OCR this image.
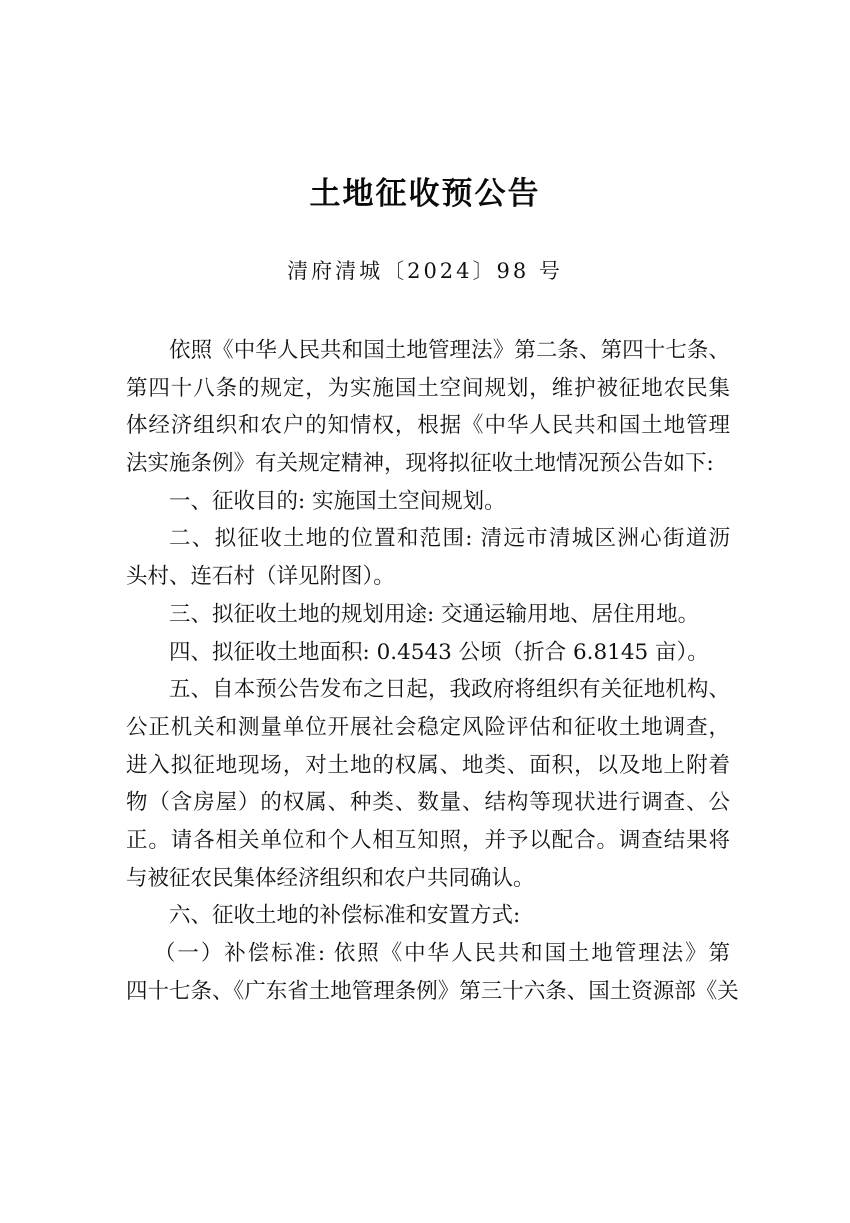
土地征收预公告
清府清城〔2024〕98 号
依照《中华人民共和国土地管理法》第二条、第四十七条、
第四十八条的规定，为实施国土空间规划，维护被征地农民集
体经济组织和农户的知情权，根据《中华人民共和国土地管理
法实施条例》有关规定精神，现将拟征收土地情况预公告如下:
一、征收目的: 实施国土空间规划。
二、拟征收土地的位置和范围: 清远市清城区洲心街道沥
头村、连石村（详见附图）。
三、拟征收土地的规划用途: 交通运输用地、居住用地。
四、拟征收土地面积: 0.4543 公顷（折合 6.8145 亩）。
五、自本预公告发布之日起，我政府将组织有关征地机构、
公正机关和测量单位开展社会稳定风险评估和征收土地调查，
进入拟征地现场，对土地的权属、地类、面积，以及地上附着
物（含房屋）的权属、种类、数量、结构等现状进行调查、公
正。请各相关单位和个人相互知照，并予以配合。调查结果将
与被征农民集体经济组织和农户共同确认。
六、征收土地的补偿标准和安置方式:
（一）补偿标准: 依照《中华人民共和国土地管理法》第
四十七条、《广东省土地管理条例》第三十六条、国土资源部《关
